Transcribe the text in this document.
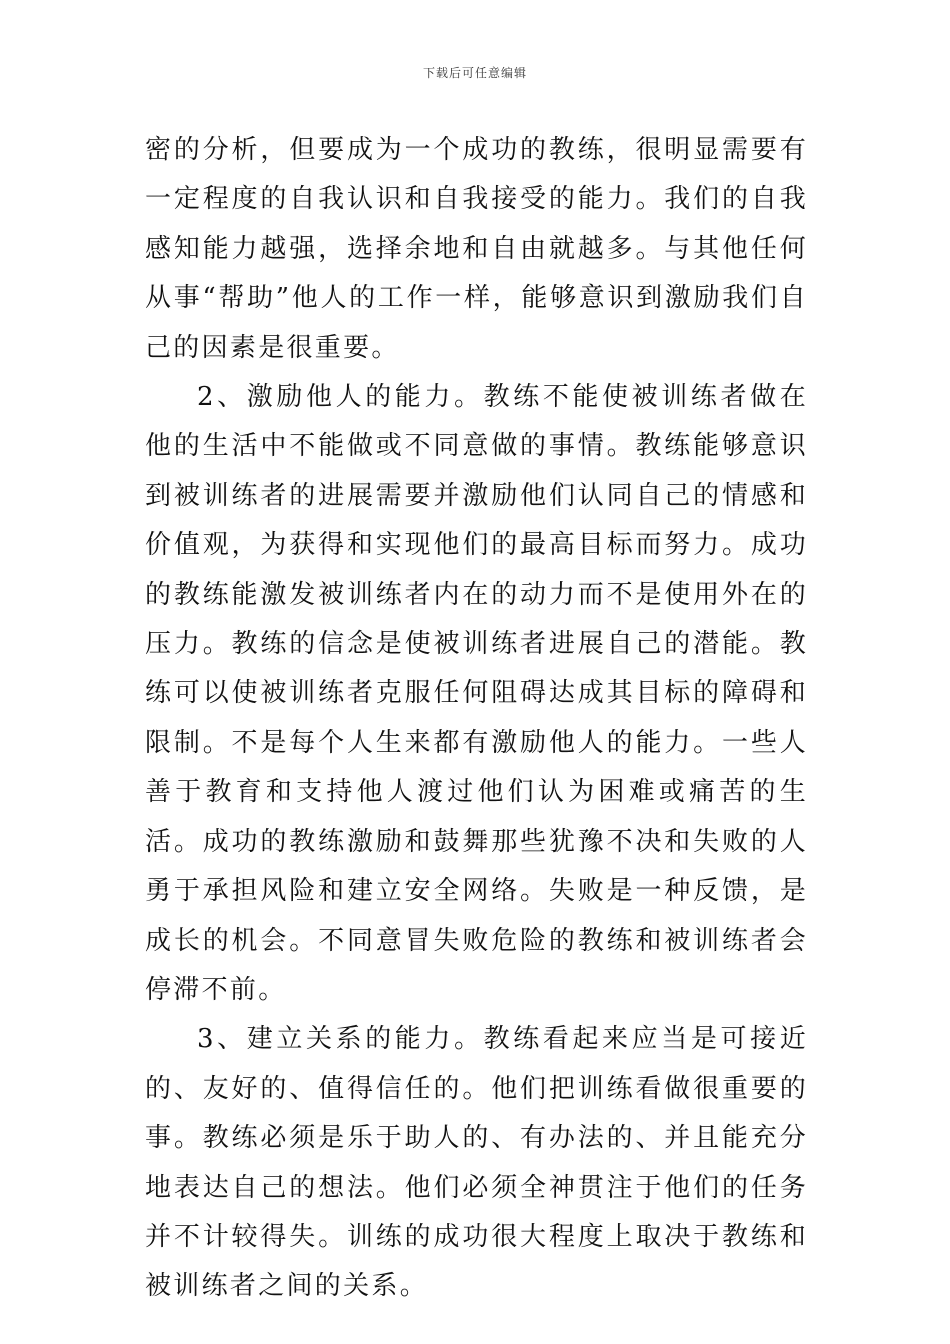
下载后可任意编辑

密的分析，但要成为一个成功的教练，很明显需要有一定程度的自我认识和自我接受的能力。我们的自我感知能力越强，选择余地和自由就越多。与其他任何从事“帮助”他人的工作一样，能够意识到激励我们自己的因素是很重要。

2、激励他人的能力。教练不能使被训练者做在他的生活中不能做或不同意做的事情。教练能够意识到被训练者的进展需要并激励他们认同自己的情感和价值观，为获得和实现他们的最高目标而努力。成功的教练能激发被训练者内在的动力而不是使用外在的压力。教练的信念是使被训练者进展自己的潜能。教练可以使被训练者克服任何阻碍达成其目标的障碍和限制。不是每个人生来都有激励他人的能力。一些人善于教育和支持他人渡过他们认为困难或痛苦的生活。成功的教练激励和鼓舞那些犹豫不决和失败的人勇于承担风险和建立安全网络。失败是一种反馈，是成长的机会。不同意冒失败危险的教练和被训练者会停滞不前。

3、建立关系的能力。教练看起来应当是可接近的、友好的、值得信任的。他们把训练看做很重要的事。教练必须是乐于助人的、有办法的、并且能充分地表达自己的想法。他们必须全神贯注于他们的任务并不计较得失。训练的成功很大程度上取决于教练和被训练者之间的关系。
